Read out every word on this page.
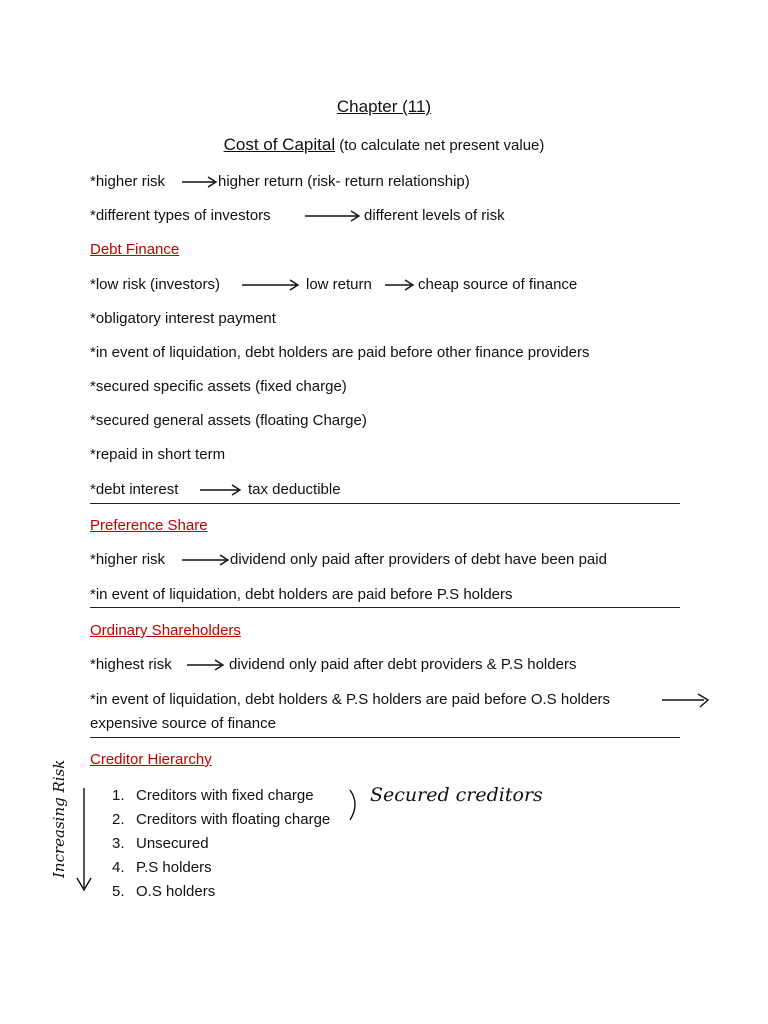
Chapter (11)
Cost of Capital (to calculate net present value)
*higher risk	higher return (risk- return relationship)
*different types of investors	different levels of risk
Debt Finance
*low risk (investors)	low return	cheap source of finance
*obligatory interest payment
*in event of liquidation, debt holders are paid before other finance providers
*secured specific assets (fixed charge)
*secured general assets (floating Charge)
*repaid in short term
*debt interest	tax deductible
Preference Share
*higher risk	dividend only paid after providers of debt have been paid
*in event of liquidation, debt holders are paid before P.S holders
Ordinary Shareholders
*highest risk	dividend only paid after debt providers & P.S holders
*in event of liquidation, debt holders & P.S holders are paid before O.S holders
expensive source of finance
Creditor Hierarchy
1. Creditors with fixed charge
2. Creditors with floating charge
3. Unsecured
4. P.S holders
5. O.S holders
Secured creditors
Increasing Risk
